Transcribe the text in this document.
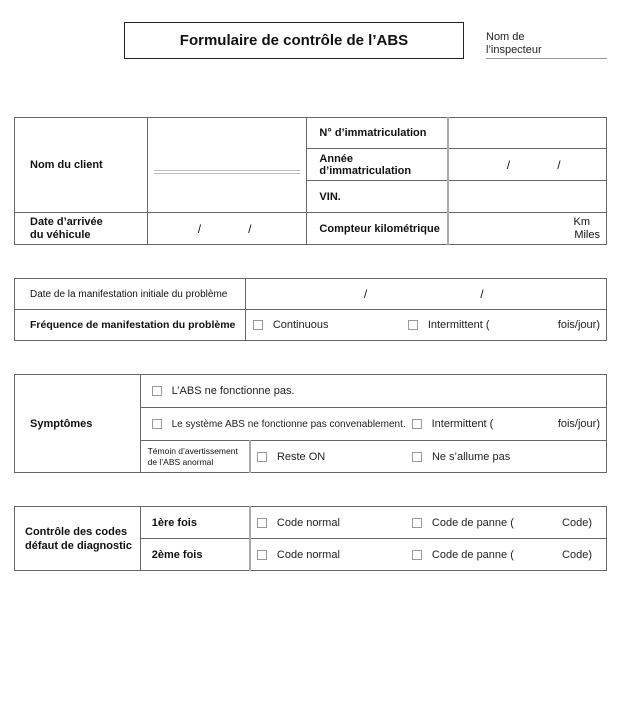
Formulaire de contrôle de l’ABS	Nom de
l’inspecteur
Nom du client		N° d’immatriculation	
		Année d’immatriculation	/ /
		VIN.	

Date d’arrivée
du véhicule	/	/	Compteur kilométrique	
Km
Miles
Date de la manifestation initiale du problème	/ /
Fréquence de manifestation du problème	Continuous Intermittent ( fois/jour)
Symptômes	L’ABS ne fonctionne pas.	

	Le système ABS ne fonctionne pas convenablement. Intermittent ( fois/jour)	

Témoin d’avertissement
de l’ABS anormal	Reste ON	Ne s’allume pas
Contrôle des codes
défaut de diagnostic
	1ère fois	Code normal	Code de panne (	Code)

	2ème fois	Code normal Code de panne ( Code)
